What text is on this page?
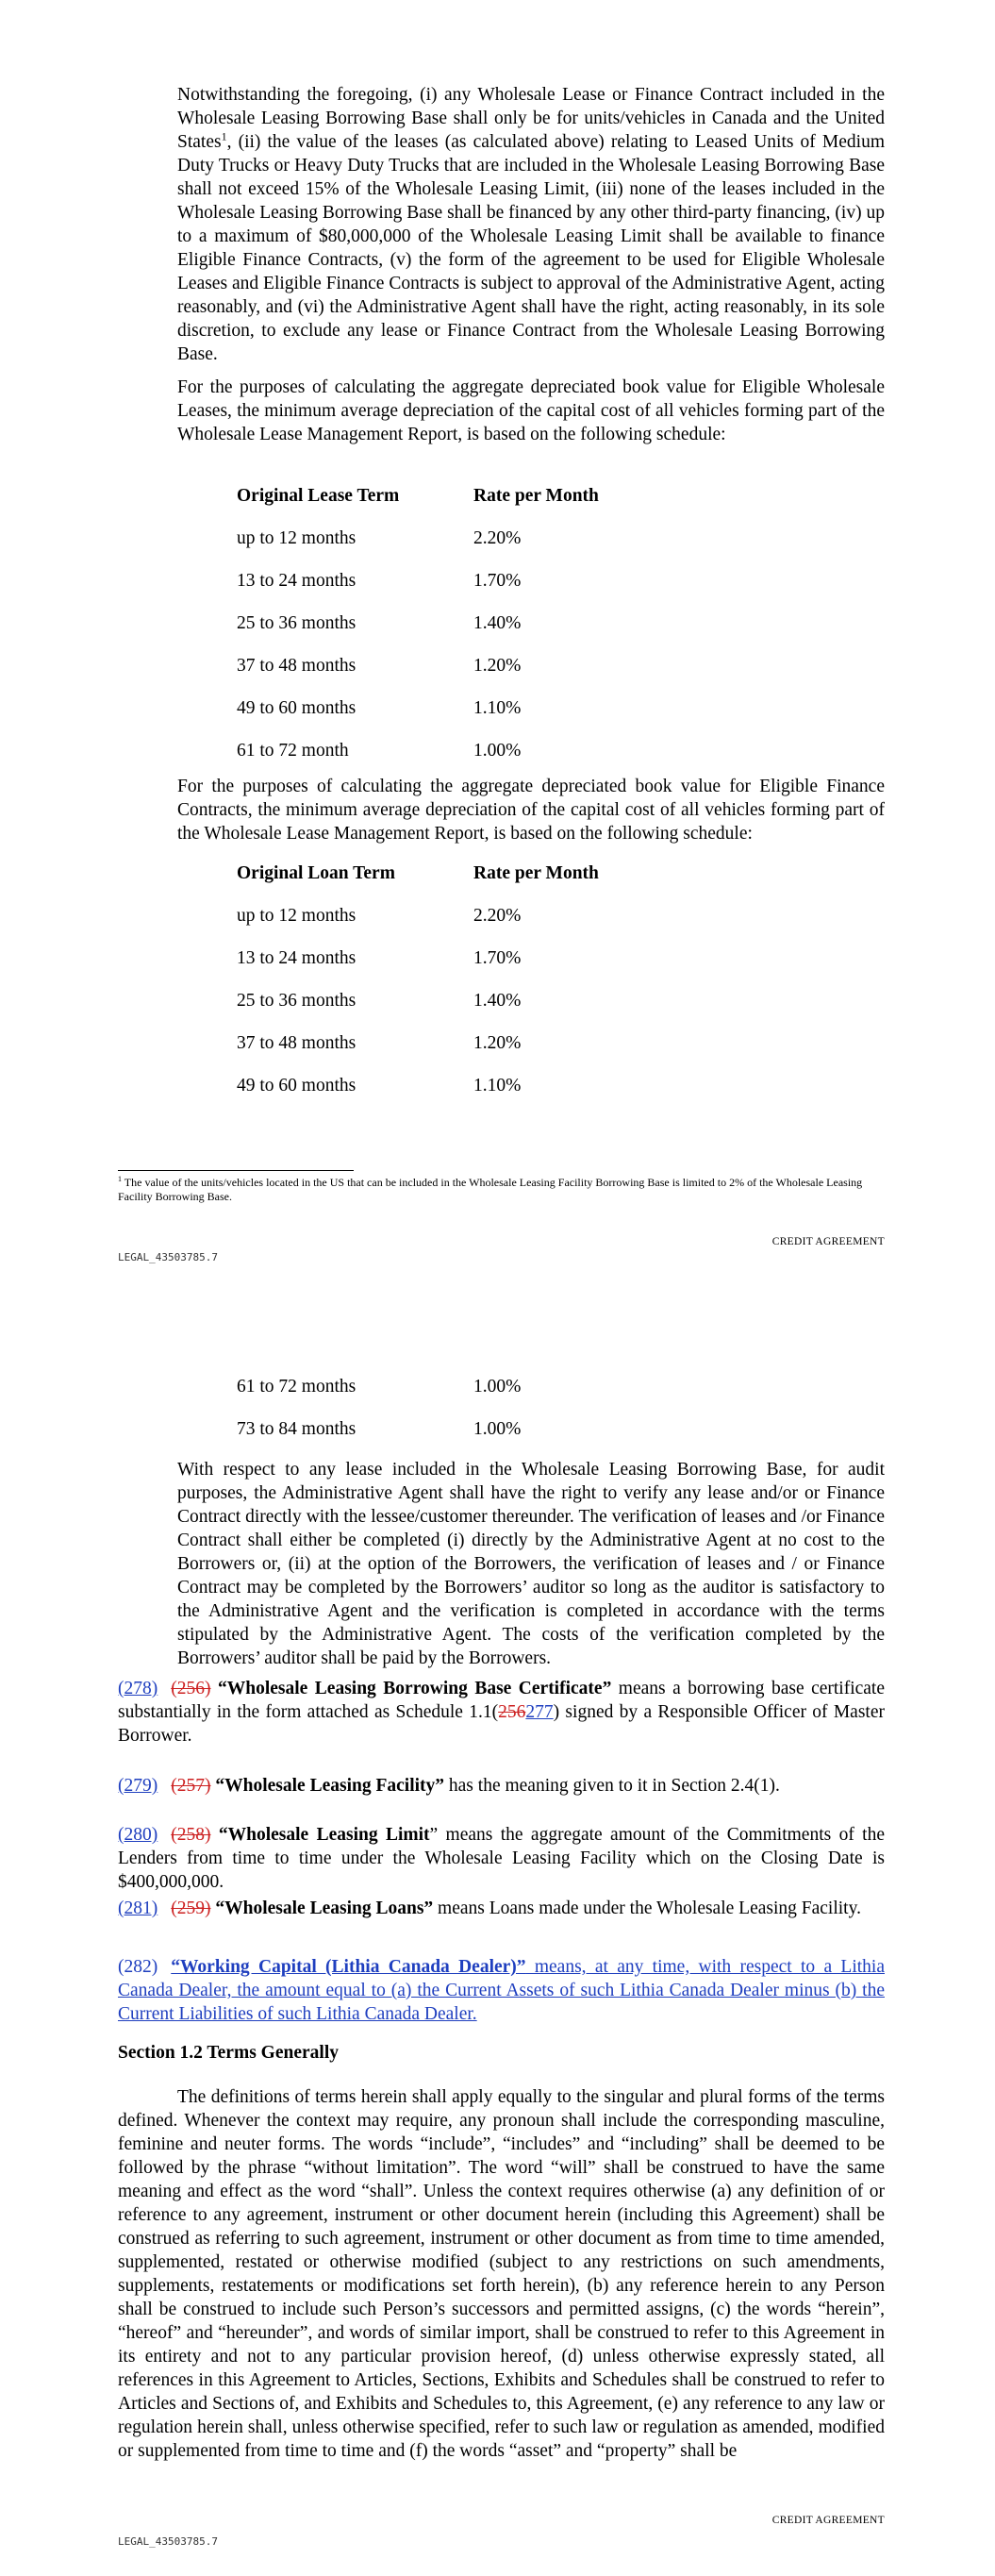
Notwithstanding the foregoing, (i) any Wholesale Lease or Finance Contract included in the Wholesale Leasing Borrowing Base shall only be for units/vehicles in Canada and the United States$^1$, (ii) the value of the leases (as calculated above) relating to Leased Units of Medium Duty Trucks or Heavy Duty Trucks that are included in the Wholesale Leasing Borrowing Base shall not exceed 15% of the Wholesale Leasing Limit, (iii) none of the leases included in the Wholesale Leasing Borrowing Base shall be financed by any other third-party financing, (iv) up to a maximum of $80,000,000 of the Wholesale Leasing Limit shall be available to finance Eligible Finance Contracts, (v) the form of the agreement to be used for Eligible Wholesale Leases and Eligible Finance Contracts is subject to approval of the Administrative Agent, acting reasonably, and (vi) the Administrative Agent shall have the right, acting reasonably, in its sole discretion, to exclude any lease or Finance Contract from the Wholesale Leasing Borrowing Base.
For the purposes of calculating the aggregate depreciated book value for Eligible Wholesale Leases, the minimum average depreciation of the capital cost of all vehicles forming part of the Wholesale Lease Management Report, is based on the following schedule:
Original Lease Term	Rate per Month
up to 12 months	2.20%
13 to 24 months	1.70%
25 to 36 months	1.40%
37 to 48 months	1.20%
49 to 60 months	1.10%
61 to 72 month	1.00%
For the purposes of calculating the aggregate depreciated book value for Eligible Finance Contracts, the minimum average depreciation of the capital cost of all vehicles forming part of the Wholesale Lease Management Report, is based on the following schedule:
Original Loan Term	Rate per Month
up to 12 months	2.20%
13 to 24 months	1.70%
25 to 36 months	1.40%
37 to 48 months	1.20%
49 to 60 months	1.10%
$^1$ The value of the units/vehicles located in the US that can be included in the Wholesale Leasing Facility Borrowing Base is limited to 2% of the Wholesale Leasing Facility Borrowing Base.
CREDIT AGREEMENT
LEGAL_43503785.7
61 to 72 months	1.00%
73 to 84 months	1.00%
With respect to any lease included in the Wholesale Leasing Borrowing Base, for audit purposes, the Administrative Agent shall have the right to verify any lease and/or or Finance Contract directly with the lessee/customer thereunder. The verification of leases and /or Finance Contract shall either be completed (i) directly by the Administrative Agent at no cost to the Borrowers or, (ii) at the option of the Borrowers, the verification of leases and / or Finance Contract may be completed by the Borrowers’ auditor so long as the auditor is satisfactory to the Administrative Agent and the verification is completed in accordance with the terms stipulated by the Administrative Agent. The costs of the verification completed by the Borrowers’ auditor shall be paid by the Borrowers.
(278) (256) “Wholesale Leasing Borrowing Base Certificate” means a borrowing base certificate substantially in the form attached as Schedule 1.1(256277) signed by a Responsible Officer of Master Borrower.
(279) (257) “Wholesale Leasing Facility” has the meaning given to it in Section 2.4(1).
(280) (258) “Wholesale Leasing Limit” means the aggregate amount of the Commitments of the Lenders from time to time under the Wholesale Leasing Facility which on the Closing Date is $400,000,000.
(281) (259) “Wholesale Leasing Loans” means Loans made under the Wholesale Leasing Facility.
(282) “Working Capital (Lithia Canada Dealer)” means, at any time, with respect to a Lithia Canada Dealer, the amount equal to (a) the Current Assets of such Lithia Canada Dealer minus (b) the Current Liabilities of such Lithia Canada Dealer.
Section 1.2 Terms Generally
The definitions of terms herein shall apply equally to the singular and plural forms of the terms defined. Whenever the context may require, any pronoun shall include the corresponding masculine, feminine and neuter forms. The words “include”, “includes” and “including” shall be deemed to be followed by the phrase “without limitation”. The word “will” shall be construed to have the same meaning and effect as the word “shall”. Unless the context requires otherwise (a) any definition of or reference to any agreement, instrument or other document herein (including this Agreement) shall be construed as referring to such agreement, instrument or other document as from time to time amended, supplemented, restated or otherwise modified (subject to any restrictions on such amendments, supplements, restatements or modifications set forth herein), (b) any reference herein to any Person shall be construed to include such Person’s successors and permitted assigns, (c) the words “herein”, “hereof” and “hereunder”, and words of similar import, shall be construed to refer to this Agreement in its entirety and not to any particular provision hereof, (d) unless otherwise expressly stated, all references in this Agreement to Articles, Sections, Exhibits and Schedules shall be construed to refer to Articles and Sections of, and Exhibits and Schedules to, this Agreement, (e) any reference to any law or regulation herein shall, unless otherwise specified, refer to such law or regulation as amended, modified or supplemented from time to time and (f) the words “asset” and “property” shall be
CREDIT AGREEMENT
LEGAL_43503785.7
